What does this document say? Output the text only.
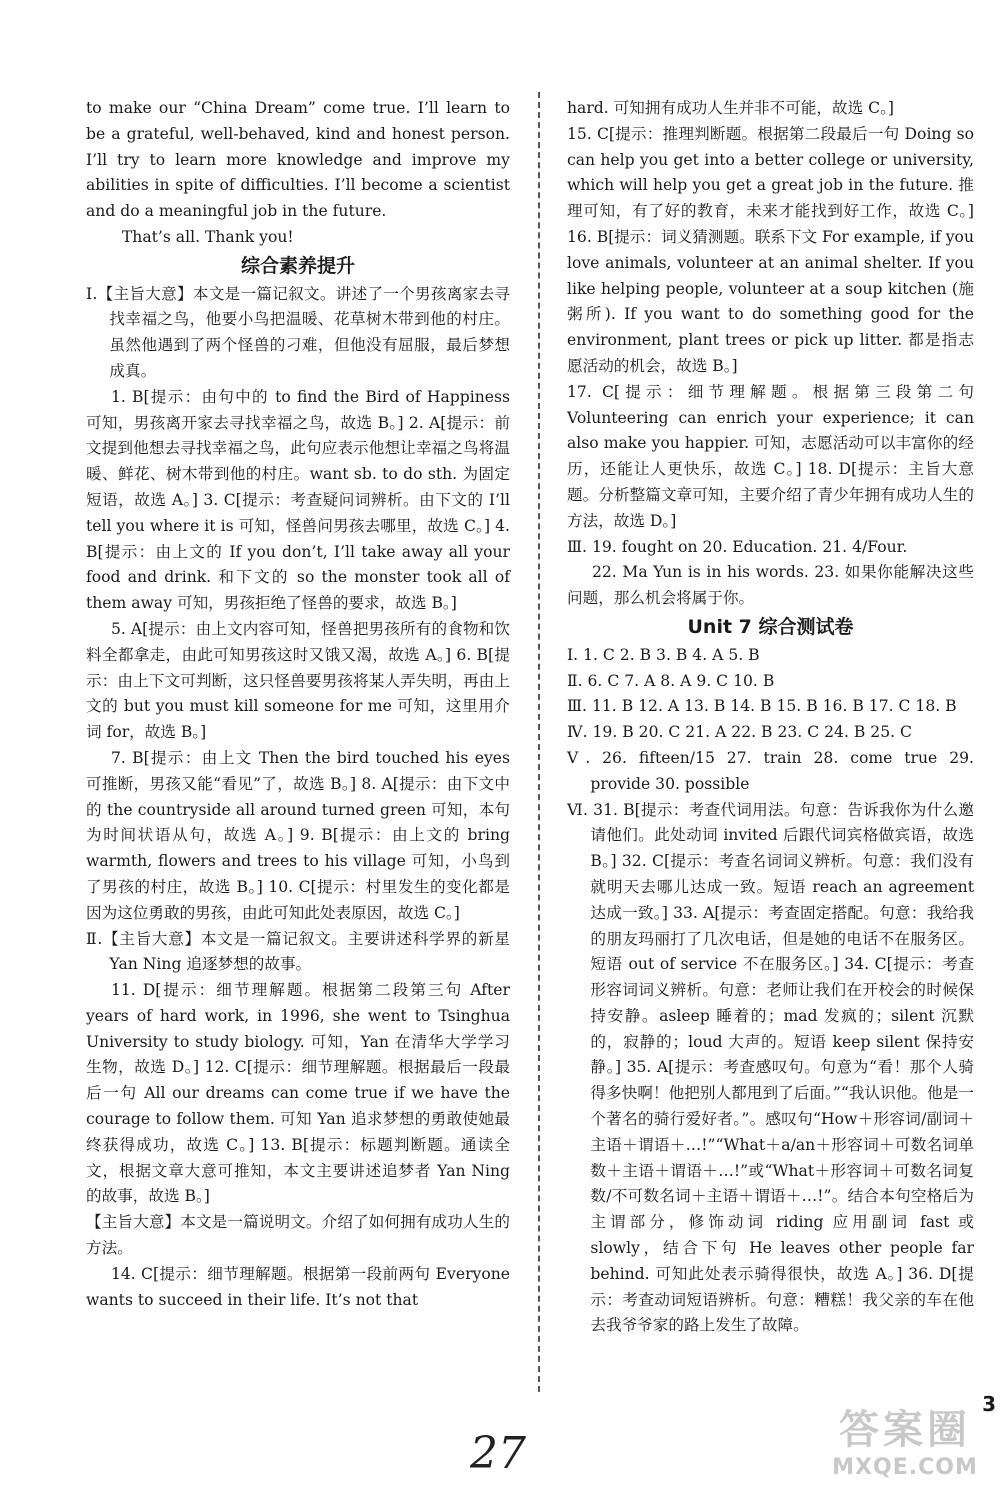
to make our “China Dream” come true. I’ll learn to be a grateful, well-behaved, kind and honest person. I’ll try to learn more knowledge and improve my abilities in spite of difficulties. I’ll become a scientist and do a meaningful job in the future.

That’s all. Thank you!

综合素养提升

Ⅰ.【主旨大意】本文是一篇记叙文。讲述了一个男孩离家去寻找幸福之鸟，他要小鸟把温暖、花草树木带到他的村庄。虽然他遇到了两个怪兽的刁难，但他没有屈服，最后梦想成真。

1. B[提示：由句中的 to find the Bird of Happiness 可知，男孩离开家去寻找幸福之鸟，故选 B。] 2. A[提示：前文提到他想去寻找幸福之鸟，此句应表示他想让幸福之鸟将温暖、鲜花、树木带到他的村庄。want sb. to do sth. 为固定短语，故选 A。] 3. C[提示：考查疑问词辨析。由下文的 I’ll tell you where it is 可知，怪兽问男孩去哪里，故选 C。] 4. B[提示：由上文的 If you don’t, I’ll take away all your food and drink. 和下文的 so the monster took all of them away 可知，男孩拒绝了怪兽的要求，故选 B。]

5. A[提示：由上文内容可知，怪兽把男孩所有的食物和饮料全都拿走，由此可知男孩这时又饿又渴，故选 A。] 6. B[提示：由上下文可判断，这只怪兽要男孩将某人弄失明，再由上文的 but you must kill someone for me 可知，这里用介词 for，故选 B。]

7. B[提示：由上文 Then the bird touched his eyes 可推断，男孩又能“看见”了，故选 B。] 8. A[提示：由下文中的 the countryside all around turned green 可知，本句为时间状语从句，故选 A。] 9. B[提示：由上文的 bring warmth, flowers and trees to his village 可知，小鸟到了男孩的村庄，故选 B。] 10. C[提示：村里发生的变化都是因为这位勇敢的男孩，由此可知此处表原因，故选 C。]

Ⅱ.【主旨大意】本文是一篇记叙文。主要讲述科学界的新星 Yan Ning 追逐梦想的故事。

11. D[提示：细节理解题。根据第二段第三句 After years of hard work, in 1996, she went to Tsinghua University to study biology. 可知，Yan 在清华大学学习生物，故选 D。] 12. C[提示：细节理解题。根据最后一段最后一句 All our dreams can come true if we have the courage to follow them. 可知 Yan 追求梦想的勇敢使她最终获得成功，故选 C。] 13. B[提示：标题判断题。通读全文，根据文章大意可推知，本文主要讲述追梦者 Yan Ning 的故事，故选 B。]

【主旨大意】本文是一篇说明文。介绍了如何拥有成功人生的方法。

14. C[提示：细节理解题。根据第一段前两句 Everyone wants to succeed in their life. It’s not that

hard. 可知拥有成功人生并非不可能，故选 C。]

15. C[提示：推理判断题。根据第二段最后一句 Doing so can help you get into a better college or university, which will help you get a great job in the future. 推理可知，有了好的教育，未来才能找到好工作，故选 C。] 16. B[提示：词义猜测题。联系下文 For example, if you love animals, volunteer at an animal shelter. If you like helping people, volunteer at a soup kitchen (施粥所). If you want to do something good for the environment, plant trees or pick up litter. 都是指志愿活动的机会，故选 B。]

17. C[提示：细节理解题。根据第三段第二句 Volunteering can enrich your experience; it can also make you happier. 可知，志愿活动可以丰富你的经历，还能让人更快乐，故选 C。] 18. D[提示：主旨大意题。分析整篇文章可知，主要介绍了青少年拥有成功人生的方法，故选 D。]

Ⅲ. 19. fought on 20. Education. 21. 4/Four.

22. Ma Yun is in his words. 23. 如果你能解决这些问题，那么机会将属于你。

Unit 7 综合测试卷

Ⅰ. 1. C 2. B 3. B 4. A 5. B

Ⅱ. 6. C 7. A 8. A 9. C 10. B

Ⅲ. 11. B 12. A 13. B 14. B 15. B 16. B 17. C 18. B

Ⅳ. 19. B 20. C 21. A 22. B 23. C 24. B 25. C

Ⅴ. 26. fifteen/15 27. train 28. come true 29. provide 30. possible

Ⅵ. 31. B[提示：考查代词用法。句意：告诉我你为什么邀请他们。此处动词 invited 后跟代词宾格做宾语，故选 B。] 32. C[提示：考查名词词义辨析。句意：我们没有就明天去哪儿达成一致。短语 reach an agreement 达成一致。] 33. A[提示：考查固定搭配。句意：我给我的朋友玛丽打了几次电话，但是她的电话不在服务区。短语 out of service 不在服务区。] 34. C[提示：考查形容词词义辨析。句意：老师让我们在开校会的时候保持安静。asleep 睡着的；mad 发疯的；silent 沉默的，寂静的；loud 大声的。短语 keep silent 保持安静。] 35. A[提示：考查感叹句。句意为“看！那个人骑得多快啊！他把别人都甩到了后面。”“我认识他。他是一个著名的骑行爱好者。”。感叹句“How＋形容词/副词＋主语＋谓语＋…!”“What＋a/an＋形容词＋可数名词单数＋主语＋谓语＋…!”或“What＋形容词＋可数名词复数/不可数名词＋主语＋谓语＋…!”。结合本句空格后为主谓部分，修饰动词 riding 应用副词 fast 或 slowly，结合下句 He leaves other people far behind. 可知此处表示骑得很快，故选 A。] 36. D[提示：考查动词短语辨析。句意：糟糕！我父亲的车在他去我爷爷家的路上发生了故障。

3
27	答案圈
MXQE.COM
